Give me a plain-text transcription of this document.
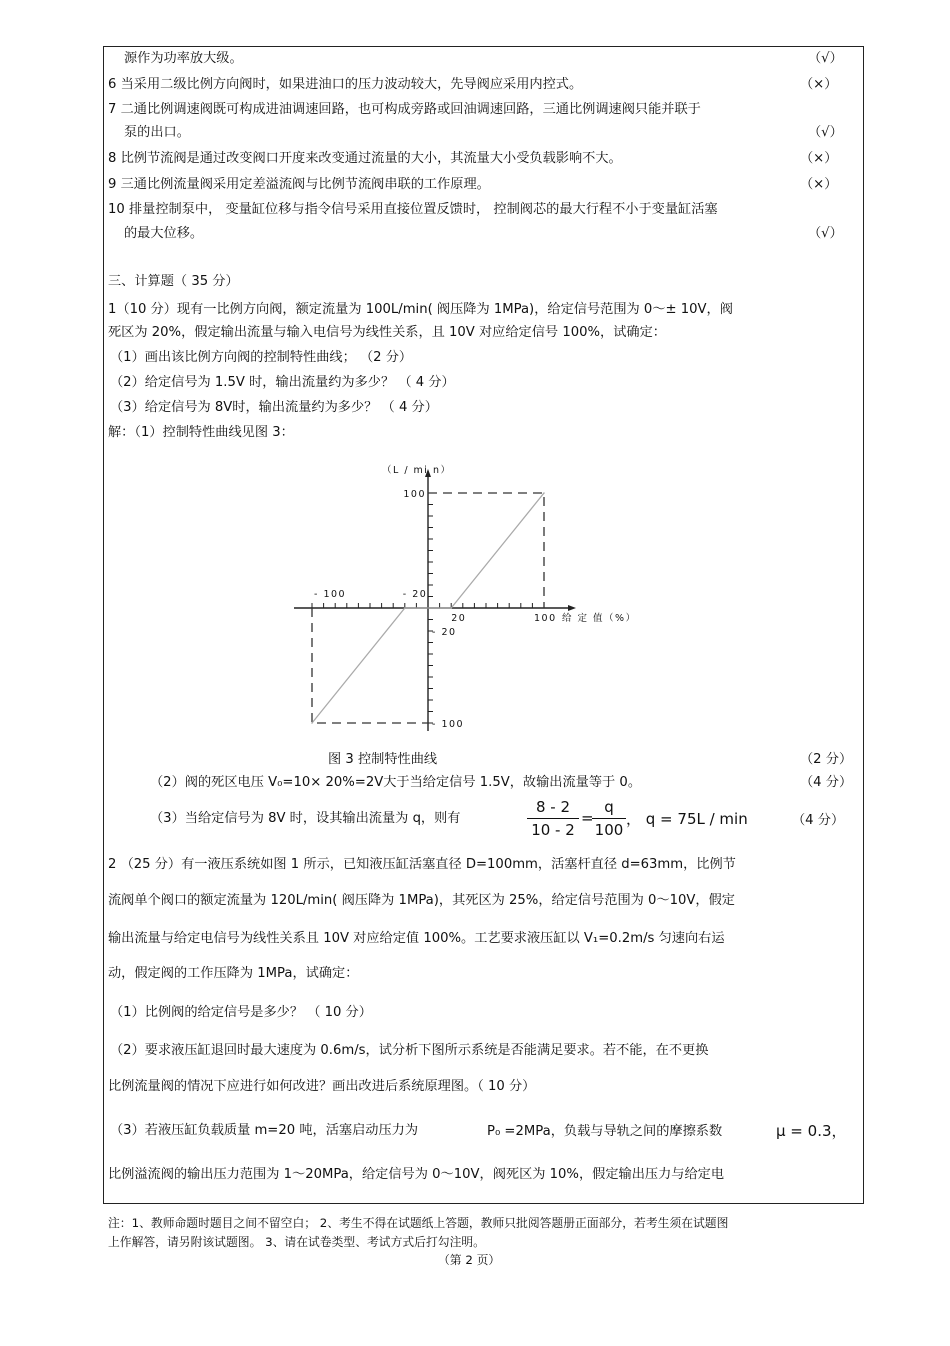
源作为功率放大级。	（√）
6 当采用二级比例方向阀时，如果进油口的压力波动较大，先导阀应采用内控式。	（×）
7 二通比例调速阀既可构成进油调速回路，也可构成旁路或回油调速回路，三通比例调速阀只能并联于
泵的出口。	（√）
8 比例节流阀是通过改变阀口开度来改变通过流量的大小，其流量大小受负载影响不大。	（×）
9 三通比例流量阀采用定差溢流阀与比例节流阀串联的工作原理。	（×）
10 排量控制泵中， 变量缸位移与指令信号采用直接位置反馈时， 控制阀芯的最大行程不小于变量缸活塞
的最大位移。	（√）
三、计算题（ 35 分）
1（10 分）现有一比例方向阀，额定流量为 100L/min( 阀压降为 1MPa)，给定信号范围为 0～± 10V，阀
死区为 20%，假定输出流量与输入电信号为线性关系，且 10V 对应给定信号 100%，试确定：
（1）画出该比例方向阀的控制特性曲线； （2 分）
（2）给定信号为 1.5V 时，输出流量约为多少？ （ 4 分）
（3）给定信号为 8V时，输出流量约为多少？ （ 4 分）
解：（1）控制特性曲线见图 3：
（L / mi n）
100
- 20
- 100
- 100	- 20
20	100 给 定 值（%）
图 3 控制特性曲线	（2 分）
（2）阀的死区电压 V₀=10× 20%=2V大于当给定信号 1.5V，故输出流量等于 0。	（4 分）
（3）当给定信号为 8V 时，设其输出流量为 q，则有
8 - 2
10 - 2
=
q
100
， q = 75L / min	（4 分）
2 （25 分）有一液压系统如图 1 所示，已知液压缸活塞直径 D=100mm，活塞杆直径 d=63mm，比例节
流阀单个阀口的额定流量为 120L/min( 阀压降为 1MPa)，其死区为 25%，给定信号范围为 0～10V，假定
输出流量与给定电信号为线性关系且 10V 对应给定值 100%。工艺要求液压缸以 V₁=0.2m/s 匀速向右运
动，假定阀的工作压降为 1MPa，试确定：
（1）比例阀的给定信号是多少？ （ 10 分）
（2）要求液压缸退回时最大速度为 0.6m/s，试分析下图所示系统是否能满足要求。若不能，在不更换
比例流量阀的情况下应进行如何改进？画出改进后系统原理图。（ 10 分）
（3）若液压缸负载质量 m=20 吨，活塞启动压力为	P₀ =2MPa，负载与导轨之间的摩擦系数	μ = 0.3，
比例溢流阀的输出压力范围为 1～20MPa，给定信号为 0～10V，阀死区为 10%，假定输出压力与给定电
注：1、教师命题时题目之间不留空白； 2、考生不得在试题纸上答题，教师只批阅答题册正面部分，若考生须在试题图
上作解答，请另附该试题图。 3、请在试卷类型、考试方式后打勾注明。
（第 2 页）
